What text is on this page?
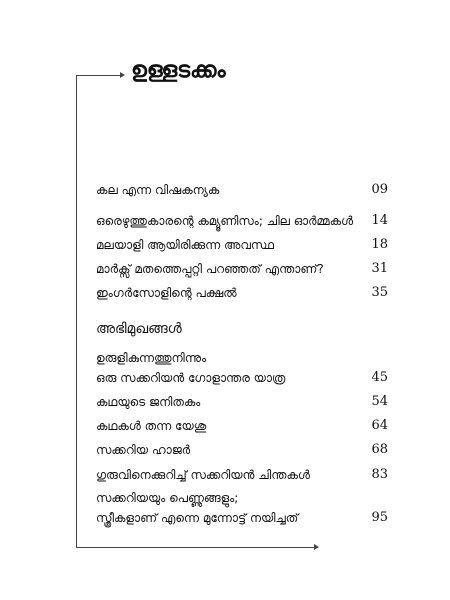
ഉള്ളടക്കം
കല എന്ന വിഷകന്യക	09
ഒരെഴുത്തുകാരന്റെ കമ്യൂണിസം; ചില ഓർമ്മകൾ 14
മലയാളി ആയിരിക്കുന്ന അവസ്ഥ	18
മാർക്സ് മതത്തെപ്പറ്റി പറഞ്ഞത് എന്താണ്?	31
ഇംഗർസോളിന്റെ പക്ഷൽ	35
അഭിമുഖങ്ങൾ
ഉരുളികുന്നത്തുനിന്നും
ഒരു സക്കറിയൻ ഗോളാന്തര യാത്ര	45
കഥയുടെ ജനിതകം	54
കഥകൾ തന്ന യേശു	64
സക്കറിയ ഹാജർ	68
ഗുരുവിനെക്കുറിച്ച് സക്കറിയൻ ചിന്തകൾ	83
സക്കറിയയും പെണ്ണുങ്ങളും;
സ്ത്രീകളാണ് എന്നെ മുന്നോട്ട് നയിച്ചത്	95
